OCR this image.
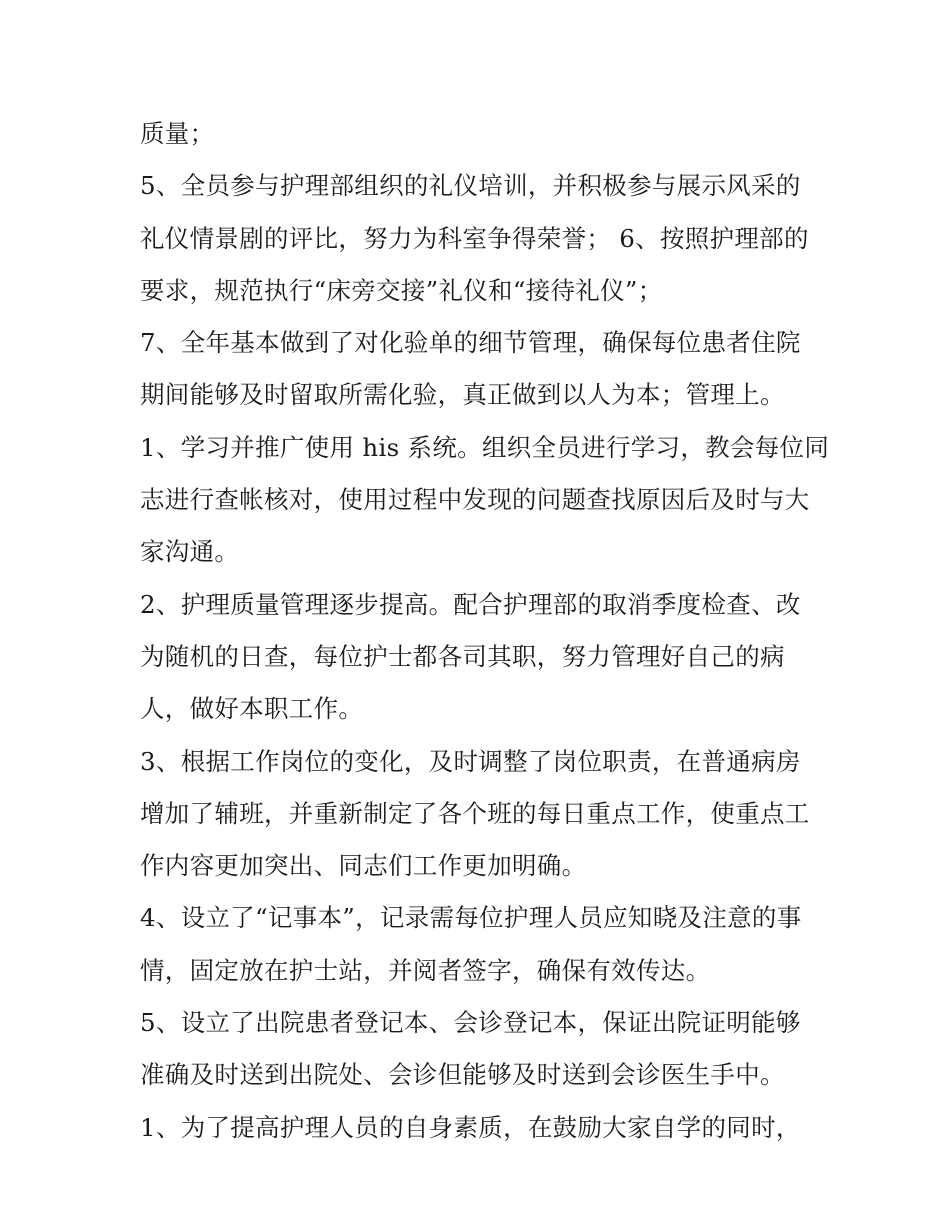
质量；

5、全员参与护理部组织的礼仪培训，并积极参与展示风采的

礼仪情景剧的评比，努力为科室争得荣誉； 6、按照护理部的

要求，规范执行“床旁交接”礼仪和“接待礼仪”；

7、全年基本做到了对化验单的细节管理，确保每位患者住院

期间能够及时留取所需化验，真正做到以人为本；管理上。

1、学习并推广使用 his 系统。组织全员进行学习，教会每位同

志进行查帐核对，使用过程中发现的问题查找原因后及时与大

家沟通。

2、护理质量管理逐步提高。配合护理部的取消季度检查、改

为随机的日查，每位护士都各司其职，努力管理好自己的病

人，做好本职工作。

3、根据工作岗位的变化，及时调整了岗位职责，在普通病房

增加了辅班，并重新制定了各个班的每日重点工作，使重点工

作内容更加突出、同志们工作更加明确。

4、设立了“记事本”，记录需每位护理人员应知晓及注意的事

情，固定放在护士站，并阅者签字，确保有效传达。

5、设立了出院患者登记本、会诊登记本，保证出院证明能够

准确及时送到出院处、会诊但能够及时送到会诊医生手中。

1、为了提高护理人员的自身素质，在鼓励大家自学的同时，
